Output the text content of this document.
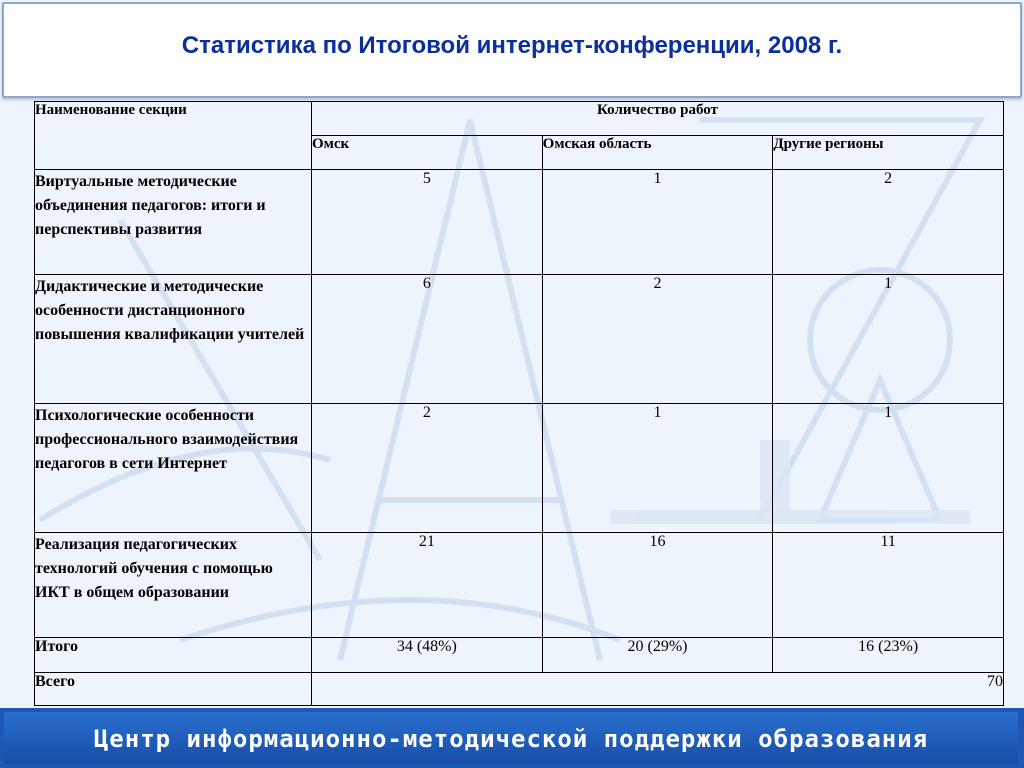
Статистика по Итоговой интернет-конференции, 2008 г.
Наименование секции	Количество работ		
	Омск	Омская область	Другие регионы
Виртуальные методические объединения педагогов: итоги и перспективы развития	5	1	2
Дидактические и методические особенности дистанционного повышения квалификации учителей	6	2	1
Психологические особенности профессионального взаимодействия педагогов в сети Интернет	2	1	1
Реализация педагогических технологий обучения с помощью ИКТ в общем образовании	21	16	11
Итого	34 (48%)	20 (29%)	16 (23%)
Всего	70		
Центр информационно-методической поддержки образования
